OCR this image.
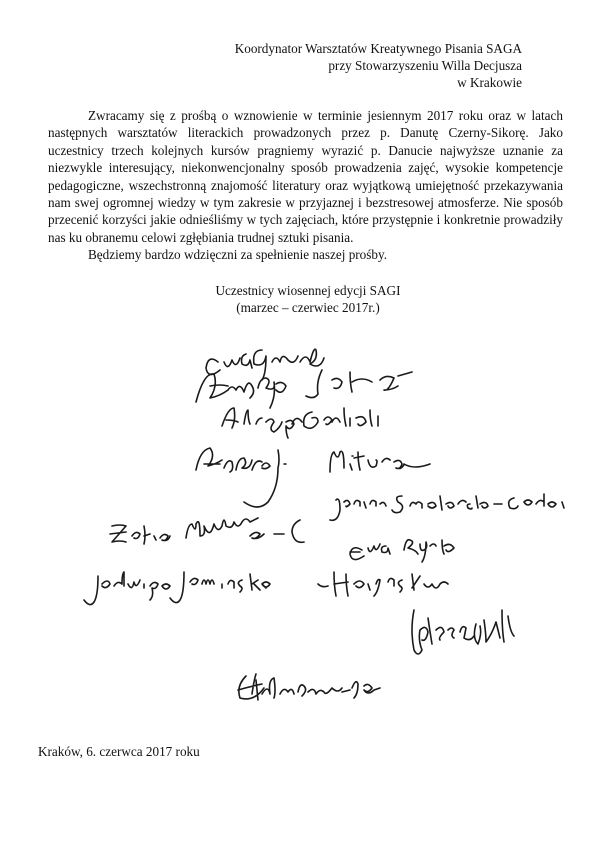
Koordynator Warsztatów Kreatywnego Pisania SAGA
przy Stowarzyszeniu Willa Decjusza
w Krakowie

Zwracamy się z prośbą o wznowienie w terminie jesiennym 2017 roku oraz w latach następnych warsztatów literackich prowadzonych przez p. Danutę Czerny-Sikorę. Jako uczestnicy trzech kolejnych kursów pragniemy wyrazić p. Danucie najwyższe uznanie za niezwykle interesujący, niekonwencjonalny sposób prowadzenia zajęć, wysokie kompetencje pedagogiczne, wszechstronną znajomość literatury oraz wyjątkową umiejętność przekazywania nam swej ogromnej wiedzy w tym zakresie w przyjaznej i bezstresowej atmosferze. Nie sposób przecenić korzyści jakie odnieśliśmy w tych zajęciach, które przystępnie i konkretnie prowadziły nas ku obranemu celowi zgłębiania trudnej sztuki pisania.

Będziemy bardzo wdzięczni za spełnienie naszej prośby.

Uczestnicy wiosennej edycji SAGI
(marzec – czerwiec 2017r.)
Kraków, 6. czerwca 2017 roku
